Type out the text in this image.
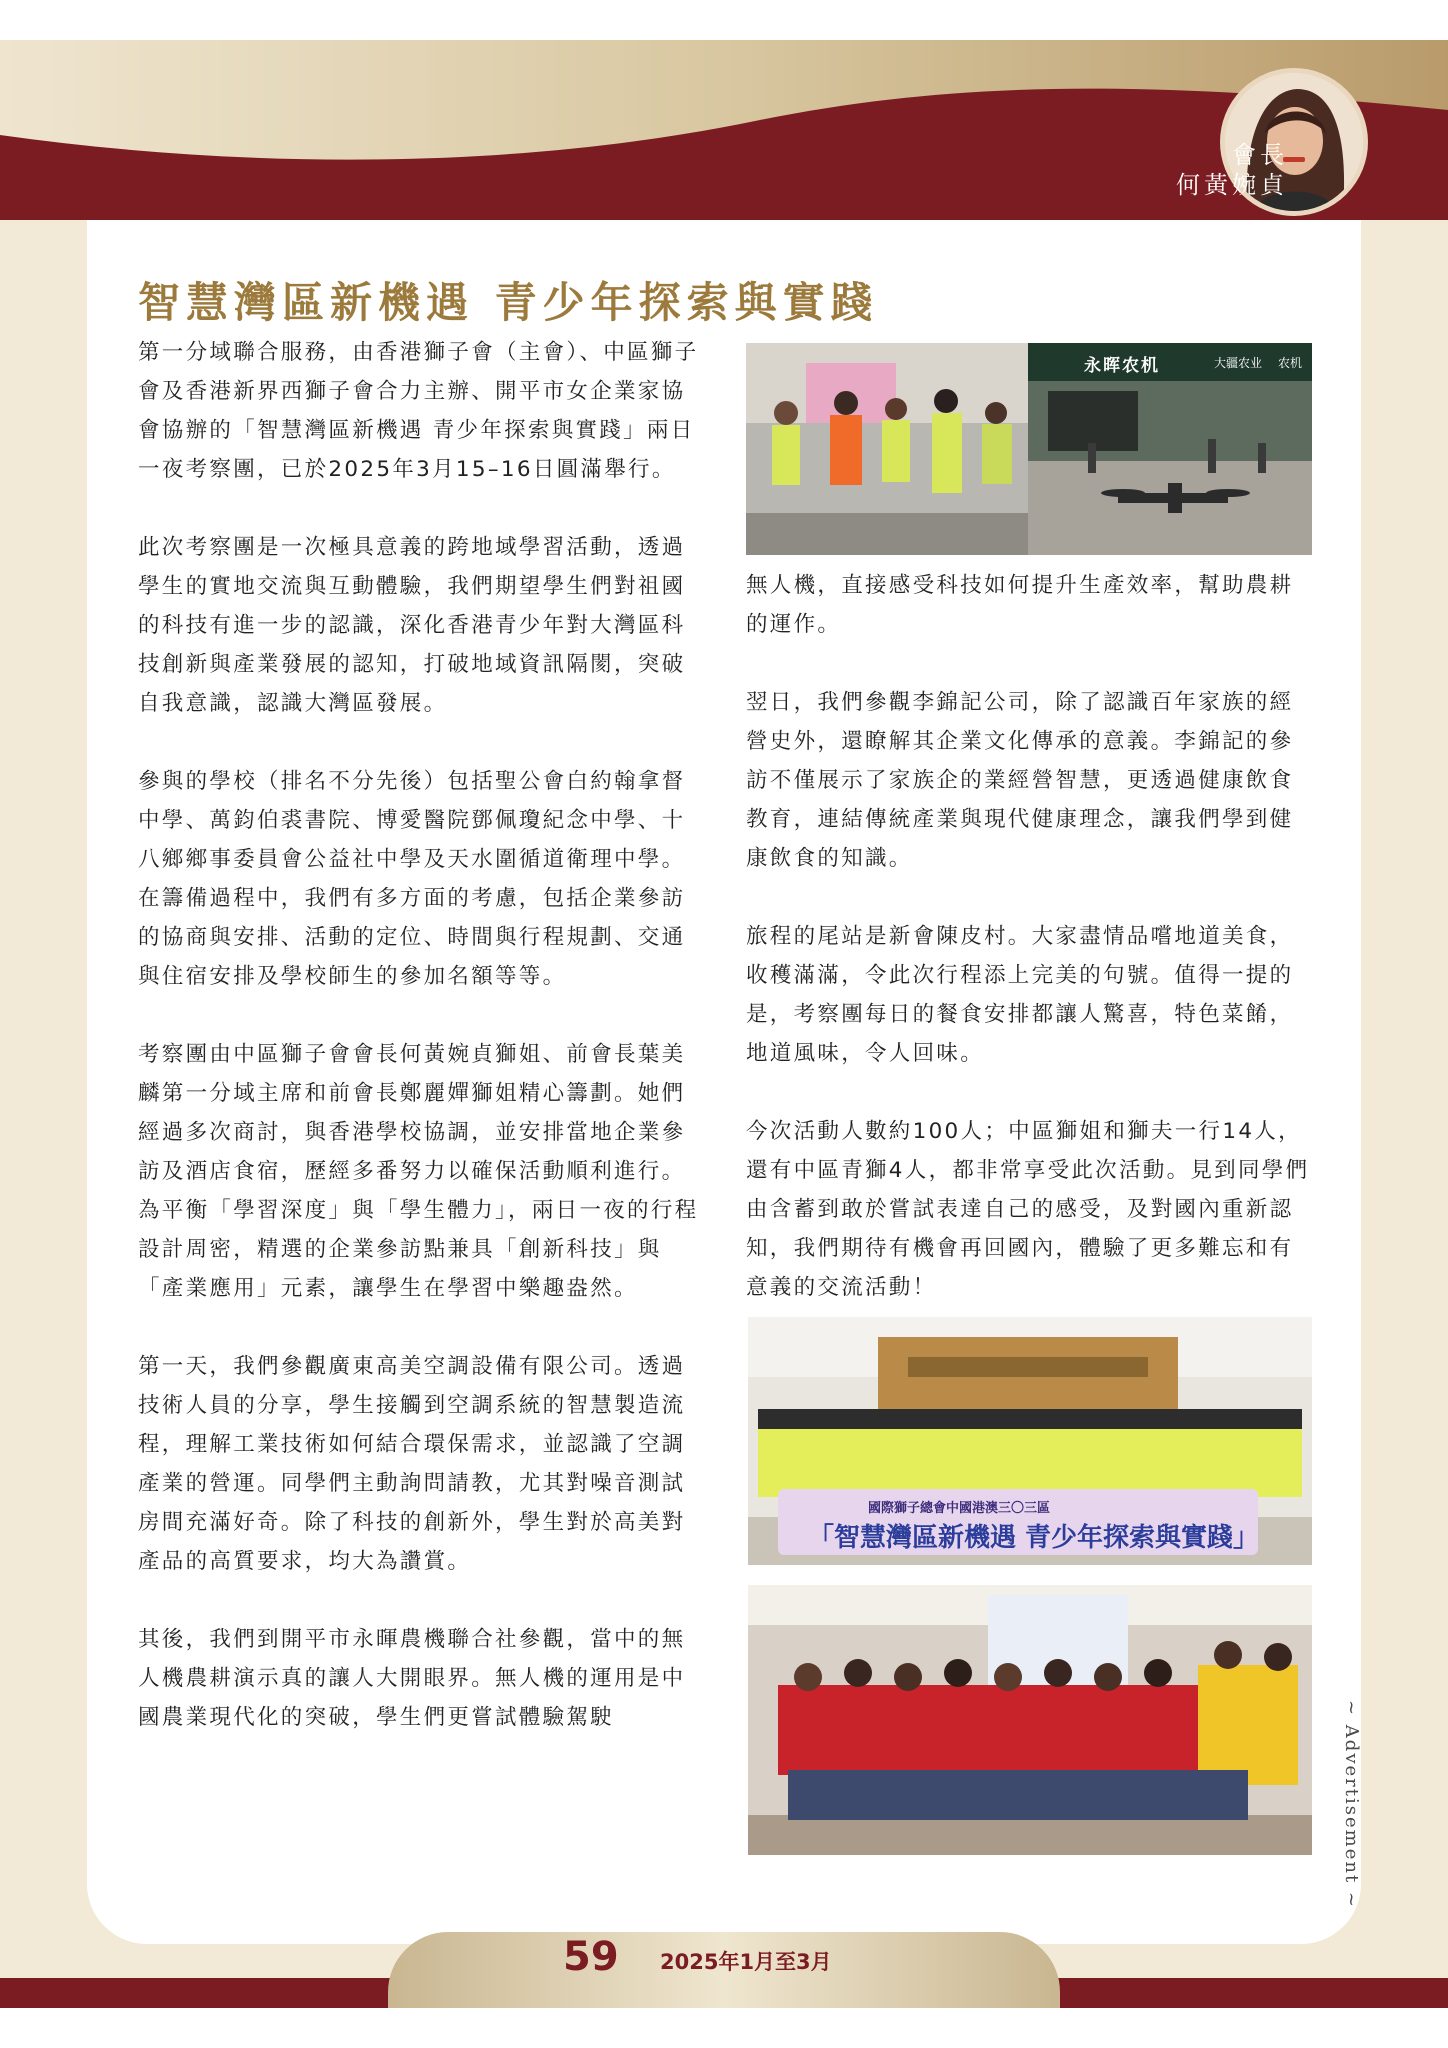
會長
何黃婉貞
智慧灣區新機遇 青少年探索與實踐

第一分域聯合服務，由香港獅子會（主會）、中區獅子會及香港新界西獅子會合力主辦、開平市女企業家協會協辦的「智慧灣區新機遇 青少年探索與實踐」兩日一夜考察團，已於2025年3月15–16日圓滿舉行。

此次考察團是一次極具意義的跨地域學習活動，透過學生的實地交流與互動體驗，我們期望學生們對祖國的科技有進一步的認識，深化香港青少年對大灣區科技創新與產業發展的認知，打破地域資訊隔閡，突破自我意識，認識大灣區發展。

參與的學校（排名不分先後）包括聖公會白約翰拿督中學、萬鈞伯裘書院、博愛醫院鄧佩瓊紀念中學、十八鄉鄉事委員會公益社中學及天水圍循道衛理中學。在籌備過程中，我們有多方面的考慮，包括企業參訪的協商與安排、活動的定位、時間與行程規劃、交通與住宿安排及學校師生的參加名額等等。

考察團由中區獅子會會長何黃婉貞獅姐、前會長葉美麟第一分域主席和前會長鄭麗嬋獅姐精心籌劃。她們經過多次商討，與香港學校協調，並安排當地企業參訪及酒店食宿，歷經多番努力以確保活動順利進行。為平衡「學習深度」與「學生體力」，兩日一夜的行程設計周密，精選的企業參訪點兼具「創新科技」與「產業應用」元素，讓學生在學習中樂趣盎然。

第一天，我們參觀廣東高美空調設備有限公司。透過技術人員的分享，學生接觸到空調系統的智慧製造流程，理解工業技術如何結合環保需求，並認識了空調產業的營運。同學們主動詢問請教，尤其對噪音測試房間充滿好奇。除了科技的創新外，學生對於高美對產品的高質要求，均大為讚賞。

其後，我們到開平市永暉農機聯合社參觀，當中的無人機農耕演示真的讓人大開眼界。無人機的運用是中國農業現代化的突破，學生們更嘗試體驗駕駛

永晖农机	大疆农业 农机

無人機，直接感受科技如何提升生產效率，幫助農耕的運作。

翌日，我們參觀李錦記公司，除了認識百年家族的經營史外，還瞭解其企業文化傳承的意義。李錦記的參訪不僅展示了家族企的業經營智慧，更透過健康飲食教育，連結傳統產業與現代健康理念，讓我們學到健康飲食的知識。

旅程的尾站是新會陳皮村。大家盡情品嚐地道美食，收穫滿滿，令此次行程添上完美的句號。值得一提的是，考察團每日的餐食安排都讓人驚喜，特色菜餚，地道風味，令人回味。

今次活動人數約100人；中區獅姐和獅夫一行14人，還有中區青獅4人，都非常享受此次活動。見到同學們由含蓄到敢於嘗試表達自己的感受，及對國內重新認知，我們期待有機會再回國內，體驗了更多難忘和有意義的交流活動！

國際獅子總會中國港澳三〇三區
「智慧灣區新機遇 青少年探索與實踐」
~ Advertisement ~
59 2025年1月至3月
